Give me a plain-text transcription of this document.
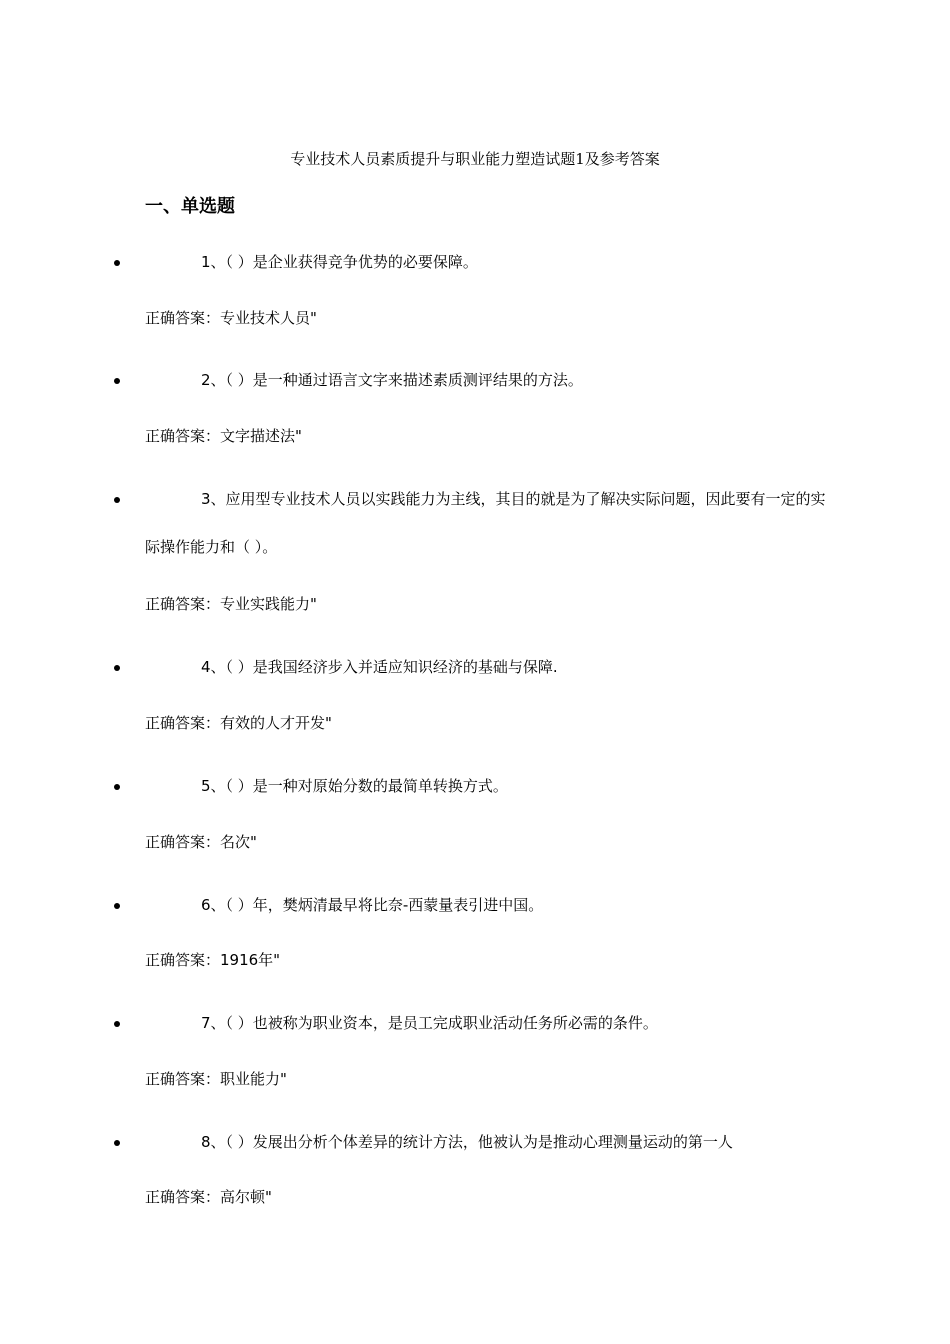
专业技术人员素质提升与职业能力塑造试题1及参考答案
一、单选题

1、（ ）是企业获得竞争优势的必要保障。

正确答案：专业技术人员"

2、（ ）是一种通过语言文字来描述素质测评结果的方法。

正确答案：文字描述法"

3、应用型专业技术人员以实践能力为主线，其目的就是为了解决实际问题，因此要有一定的实际操作能力和（ ）。

正确答案：专业实践能力"

4、（ ）是我国经济步入并适应知识经济的基础与保障.

正确答案：有效的人才开发"

5、（ ）是一种对原始分数的最简单转换方式。

正确答案：名次"

6、（ ）年，樊炳清最早将比奈-西蒙量表引进中国。

正确答案：1916年"

7、（ ）也被称为职业资本，是员工完成职业活动任务所必需的条件。

正确答案：职业能力"

8、（ ）发展出分析个体差异的统计方法，他被认为是推动心理测量运动的第一人

正确答案：高尔顿"
